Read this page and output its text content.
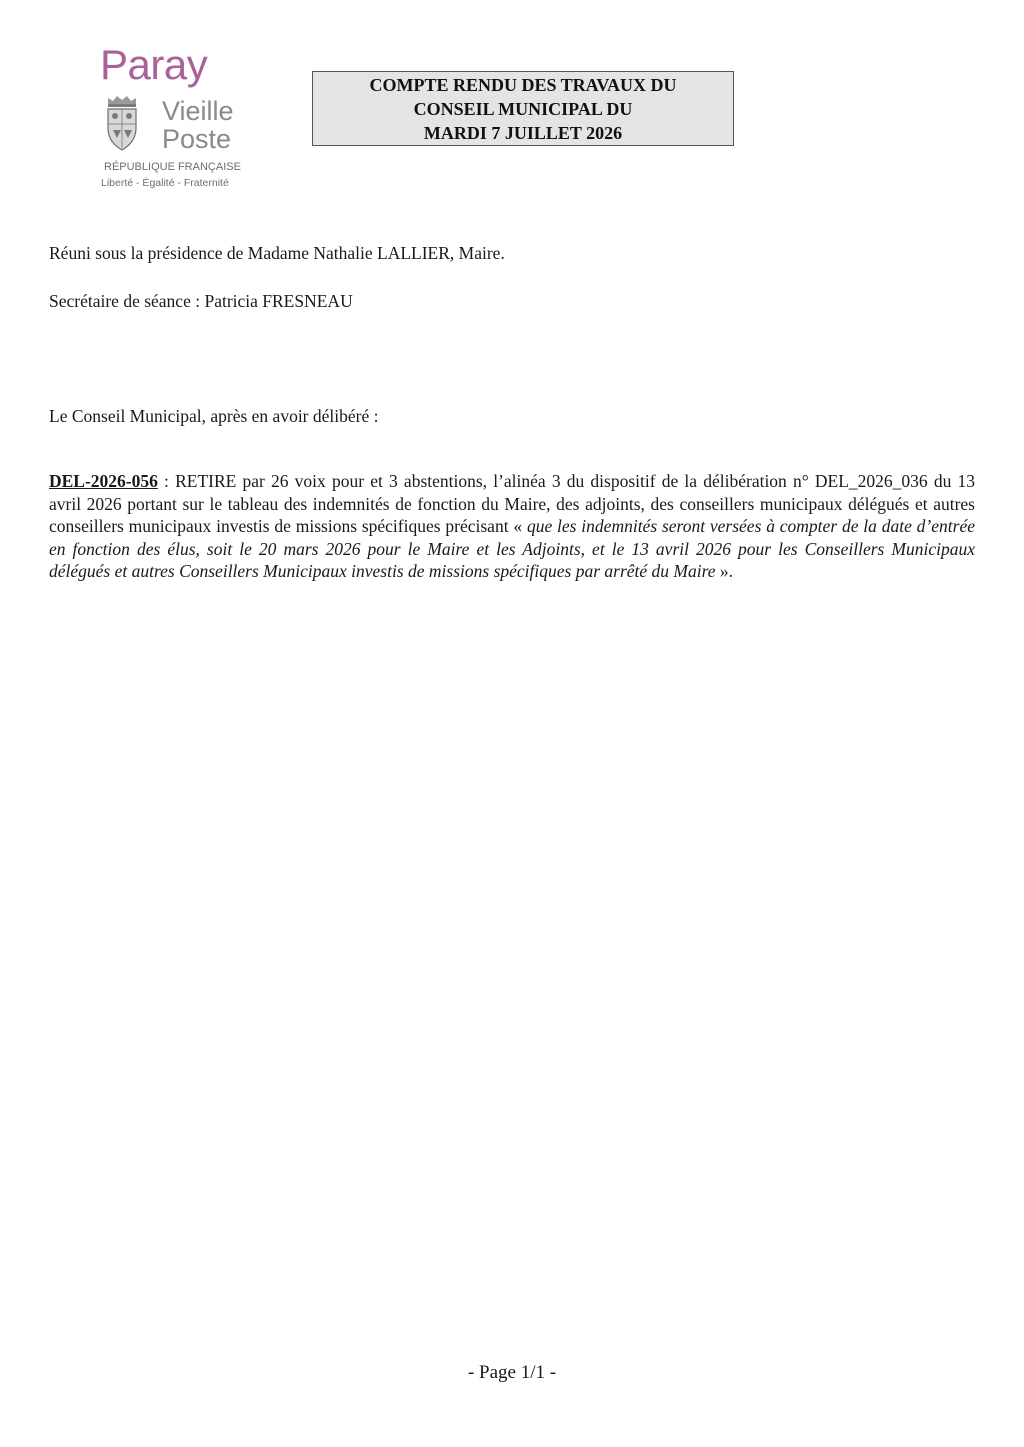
Paray
Vieille
Poste
RÉPUBLIQUE FRANÇAISE
Liberté - Égalité - Fraternité
COMPTE RENDU DES TRAVAUX DU
CONSEIL MUNICIPAL DU
MARDI 7 JUILLET 2026
Réuni sous la présidence de Madame Nathalie LALLIER, Maire.
Secrétaire de séance : Patricia FRESNEAU
Le Conseil Municipal, après en avoir délibéré :
DEL-2026-056 : RETIRE par 26 voix pour et 3 abstentions, l’alinéa 3 du dispositif de la délibération n° DEL_2026_036 du 13 avril 2026 portant sur le tableau des indemnités de fonction du Maire, des adjoints, des conseillers municipaux délégués et autres conseillers municipaux investis de missions spécifiques précisant « que les indemnités seront versées à compter de la date d’entrée en fonction des élus, soit le 20 mars 2026 pour le Maire et les Adjoints, et le 13 avril 2026 pour les Conseillers Municipaux délégués et autres Conseillers Municipaux investis de missions spécifiques par arrêté du Maire ».
- Page 1/1 -
